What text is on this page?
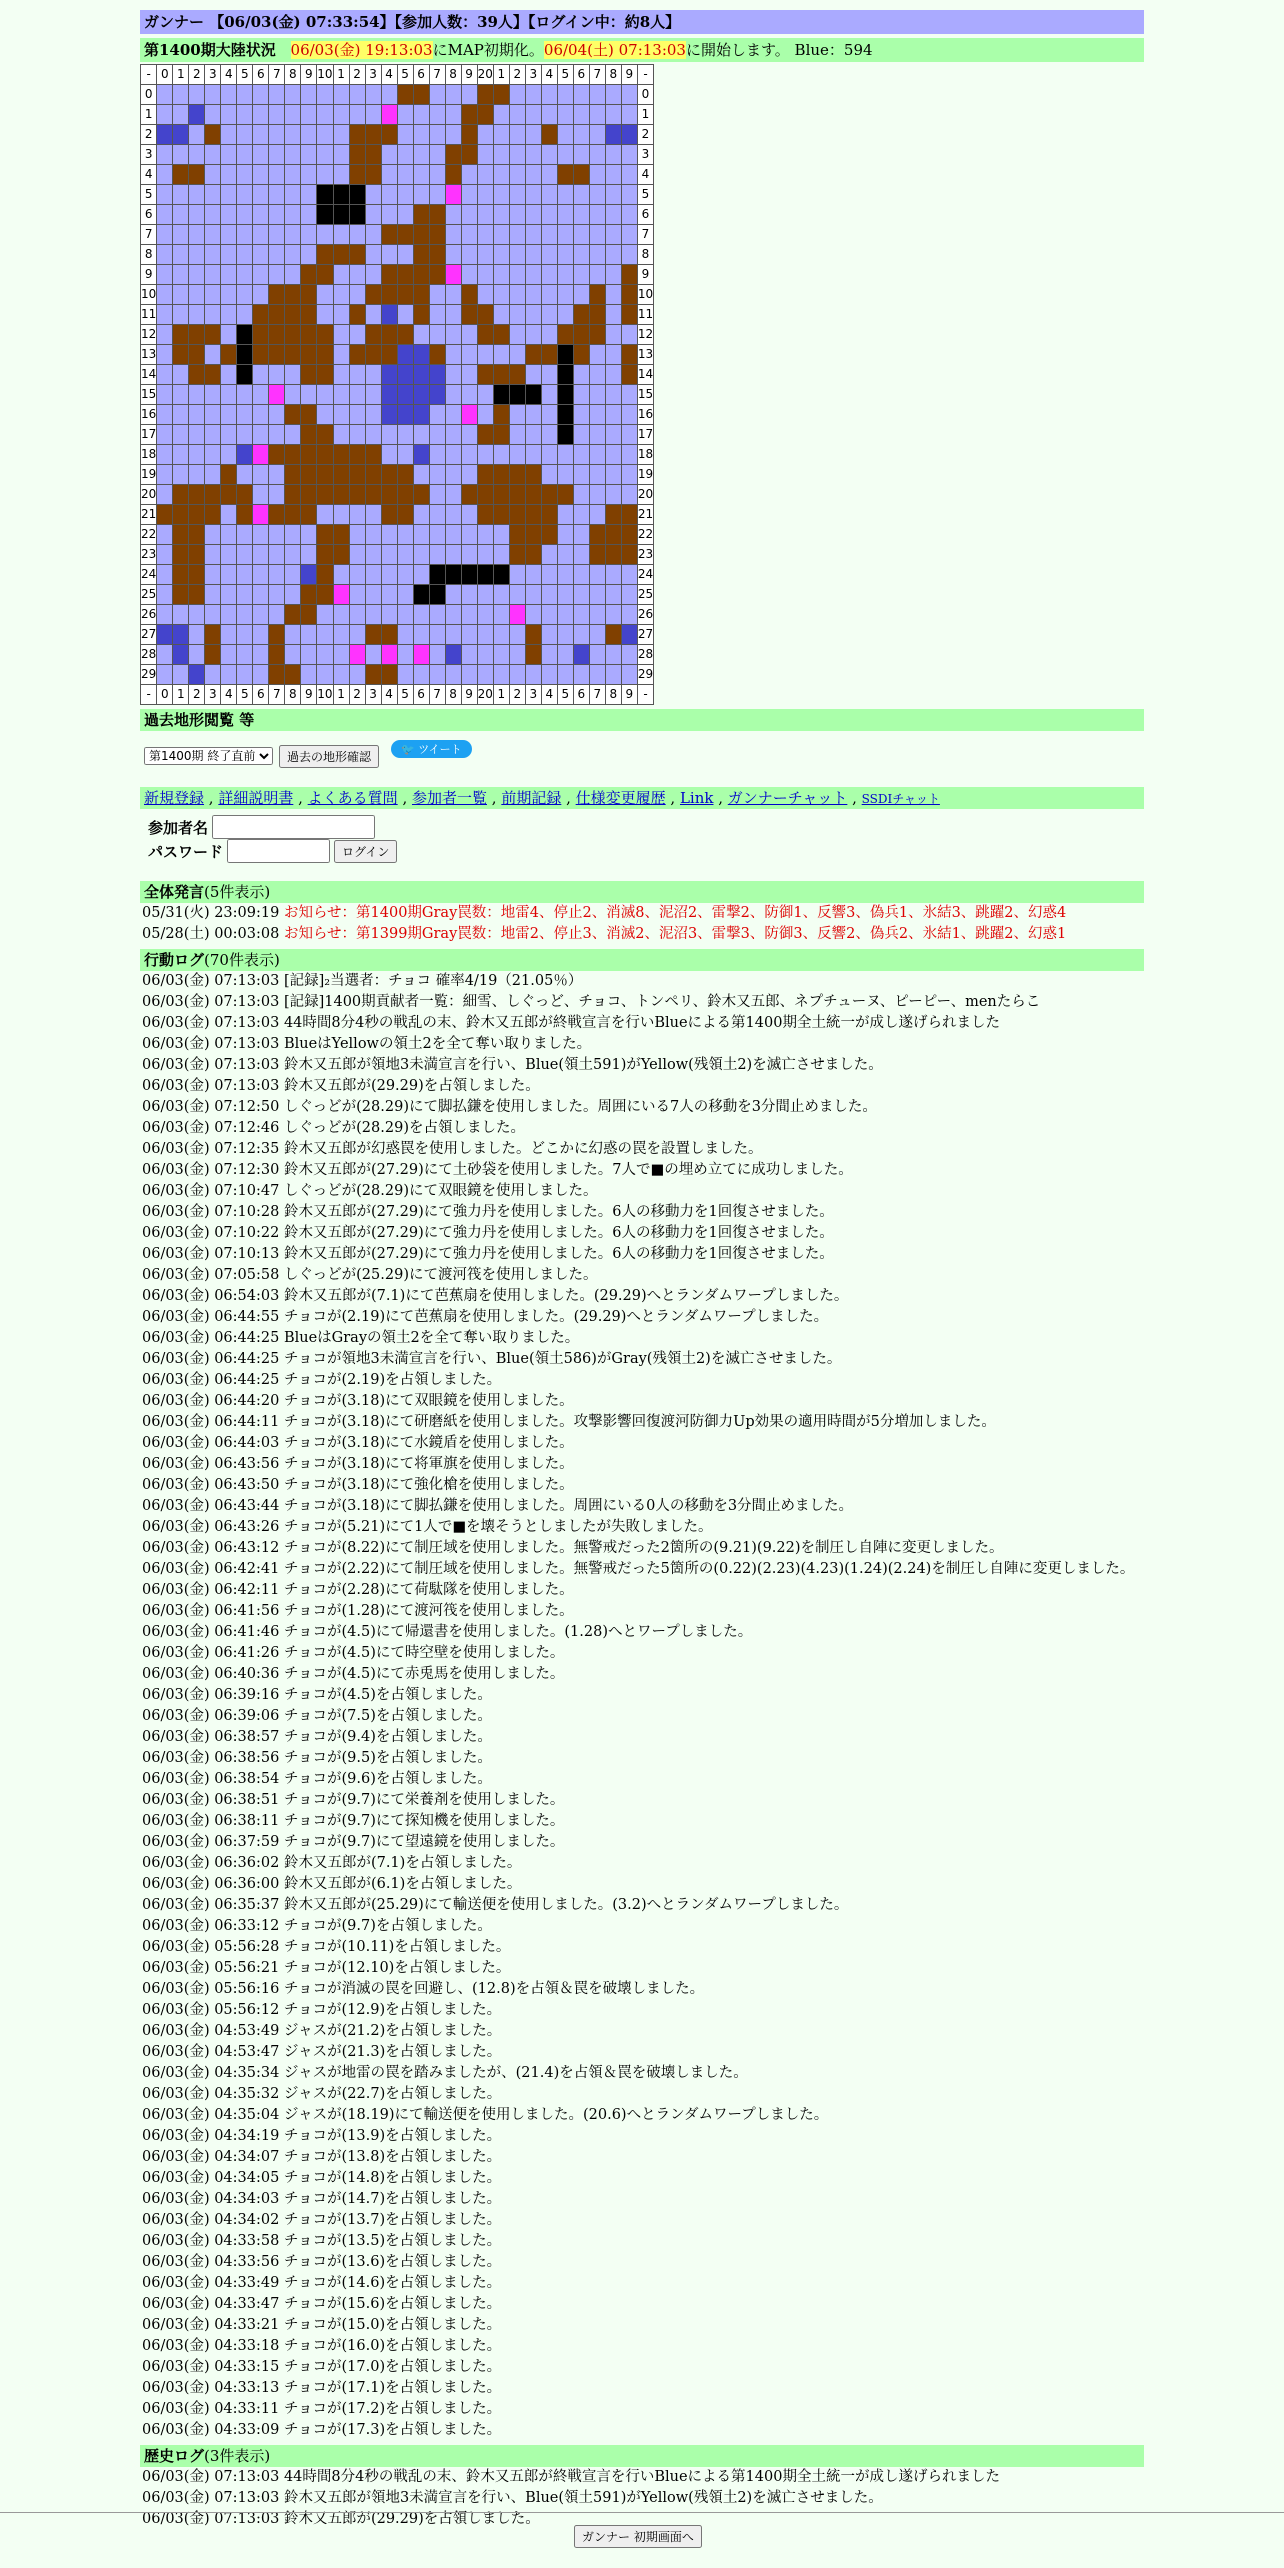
ガンナー 【06/03(金) 07:33:54】【参加人数：39人】【ログイン中：約8人】
第1400期大陸状況 06/03(金) 19:13:03にMAP初期化。06/04(土) 07:13:03に開始します。 Blue：594
-	0	1	2	3	4	5	6	7	8	9	10	1	2	3	4	5	6	7	8	9	20	1	2	3	4	5	6	7	8	9	-
0																															0
1																															1
2																															2
3																															3
4																															4
5																															5
6																															6
7																															7
8																															8
9																															9
10																															10
11																															11
12																															12
13																															13
14																															14
15																															15
16																															16
17																															17
18																															18
19																															19
20																															20
21																															21
22																															22
23																															23
24																															24
25																															25
26																															26
27																															27
28																															28
29																															29
-	0	1	2	3	4	5	6	7	8	9	10	1	2	3	4	5	6	7	8	9	20	1	2	3	4	5	6	7	8	9	-
過去地形閲覧 等
第1400期 終了直前
過去の地形確認	🐦 ツイート
新規登録 , 詳細説明書 , よくある質問 , 参加者一覧 , 前期記録 , 仕様変更履歴 , Link , ガンナーチャット , SSDIチャット
参加者名
パスワード	ログイン
全体発言(5件表示)
05/31(火) 23:09:19 お知らせ：第1400期Gray罠数：地雷4、停止2、消滅8、泥沼2、雷撃2、防御1、反響3、偽兵1、氷結3、跳躍2、幻惑4
05/28(土) 00:03:08 お知らせ：第1399期Gray罠数：地雷2、停止3、消滅2、泥沼3、雷撃3、防御3、反響2、偽兵2、氷結1、跳躍2、幻惑1
行動ログ(70件表示)
06/03(金) 07:13:03 [記録]₂当選者：チョコ 確率4/19（21.05％）
06/03(金) 07:13:03 [記録]1400期貢献者一覧：細雪、しぐっど、チョコ、トンペリ、鈴木又五郎、ネプチューヌ、ピーピー、menたらこ
06/03(金) 07:13:03 44時間8分4秒の戦乱の末、鈴木又五郎が終戦宣言を行いBlueによる第1400期全土統一が成し遂げられました
06/03(金) 07:13:03 BlueはYellowの領土2を全て奪い取りました。
06/03(金) 07:13:03 鈴木又五郎が領地3未満宣言を行い、Blue(領土591)がYellow(残領土2)を滅亡させました。
06/03(金) 07:13:03 鈴木又五郎が(29.29)を占領しました。
06/03(金) 07:12:50 しぐっどが(28.29)にて脚払鎌を使用しました。周囲にいる7人の移動を3分間止めました。
06/03(金) 07:12:46 しぐっどが(28.29)を占領しました。
06/03(金) 07:12:35 鈴木又五郎が幻惑罠を使用しました。どこかに幻惑の罠を設置しました。
06/03(金) 07:12:30 鈴木又五郎が(27.29)にて土砂袋を使用しました。7人で■の埋め立てに成功しました。
06/03(金) 07:10:47 しぐっどが(28.29)にて双眼鏡を使用しました。
06/03(金) 07:10:28 鈴木又五郎が(27.29)にて強力丹を使用しました。6人の移動力を1回復させました。
06/03(金) 07:10:22 鈴木又五郎が(27.29)にて強力丹を使用しました。6人の移動力を1回復させました。
06/03(金) 07:10:13 鈴木又五郎が(27.29)にて強力丹を使用しました。6人の移動力を1回復させました。
06/03(金) 07:05:58 しぐっどが(25.29)にて渡河筏を使用しました。
06/03(金) 06:54:03 鈴木又五郎が(7.1)にて芭蕉扇を使用しました。(29.29)へとランダムワープしました。
06/03(金) 06:44:55 チョコが(2.19)にて芭蕉扇を使用しました。(29.29)へとランダムワープしました。
06/03(金) 06:44:25 BlueはGrayの領土2を全て奪い取りました。
06/03(金) 06:44:25 チョコが領地3未満宣言を行い、Blue(領土586)がGray(残領土2)を滅亡させました。
06/03(金) 06:44:25 チョコが(2.19)を占領しました。
06/03(金) 06:44:20 チョコが(3.18)にて双眼鏡を使用しました。
06/03(金) 06:44:11 チョコが(3.18)にて研磨紙を使用しました。攻撃影響回復渡河防御力Up効果の適用時間が5分増加しました。
06/03(金) 06:44:03 チョコが(3.18)にて水鏡盾を使用しました。
06/03(金) 06:43:56 チョコが(3.18)にて将軍旗を使用しました。
06/03(金) 06:43:50 チョコが(3.18)にて強化槍を使用しました。
06/03(金) 06:43:44 チョコが(3.18)にて脚払鎌を使用しました。周囲にいる0人の移動を3分間止めました。
06/03(金) 06:43:26 チョコが(5.21)にて1人で■を壊そうとしましたが失敗しました。
06/03(金) 06:43:12 チョコが(8.22)にて制圧域を使用しました。無警戒だった2箇所の(9.21)(9.22)を制圧し自陣に変更しました。
06/03(金) 06:42:41 チョコが(2.22)にて制圧域を使用しました。無警戒だった5箇所の(0.22)(2.23)(4.23)(1.24)(2.24)を制圧し自陣に変更しました。
06/03(金) 06:42:11 チョコが(2.28)にて荷駄隊を使用しました。
06/03(金) 06:41:56 チョコが(1.28)にて渡河筏を使用しました。
06/03(金) 06:41:46 チョコが(4.5)にて帰還書を使用しました。(1.28)へとワープしました。
06/03(金) 06:41:26 チョコが(4.5)にて時空壁を使用しました。
06/03(金) 06:40:36 チョコが(4.5)にて赤兎馬を使用しました。
06/03(金) 06:39:16 チョコが(4.5)を占領しました。
06/03(金) 06:39:06 チョコが(7.5)を占領しました。
06/03(金) 06:38:57 チョコが(9.4)を占領しました。
06/03(金) 06:38:56 チョコが(9.5)を占領しました。
06/03(金) 06:38:54 チョコが(9.6)を占領しました。
06/03(金) 06:38:51 チョコが(9.7)にて栄養剤を使用しました。
06/03(金) 06:38:11 チョコが(9.7)にて探知機を使用しました。
06/03(金) 06:37:59 チョコが(9.7)にて望遠鏡を使用しました。
06/03(金) 06:36:02 鈴木又五郎が(7.1)を占領しました。
06/03(金) 06:36:00 鈴木又五郎が(6.1)を占領しました。
06/03(金) 06:35:37 鈴木又五郎が(25.29)にて輸送便を使用しました。(3.2)へとランダムワープしました。
06/03(金) 06:33:12 チョコが(9.7)を占領しました。
06/03(金) 05:56:28 チョコが(10.11)を占領しました。
06/03(金) 05:56:21 チョコが(12.10)を占領しました。
06/03(金) 05:56:16 チョコが消滅の罠を回避し、(12.8)を占領＆罠を破壊しました。
06/03(金) 05:56:12 チョコが(12.9)を占領しました。
06/03(金) 04:53:49 ジャスが(21.2)を占領しました。
06/03(金) 04:53:47 ジャスが(21.3)を占領しました。
06/03(金) 04:35:34 ジャスが地雷の罠を踏みましたが、(21.4)を占領＆罠を破壊しました。
06/03(金) 04:35:32 ジャスが(22.7)を占領しました。
06/03(金) 04:35:04 ジャスが(18.19)にて輸送便を使用しました。(20.6)へとランダムワープしました。
06/03(金) 04:34:19 チョコが(13.9)を占領しました。
06/03(金) 04:34:07 チョコが(13.8)を占領しました。
06/03(金) 04:34:05 チョコが(14.8)を占領しました。
06/03(金) 04:34:03 チョコが(14.7)を占領しました。
06/03(金) 04:34:02 チョコが(13.7)を占領しました。
06/03(金) 04:33:58 チョコが(13.5)を占領しました。
06/03(金) 04:33:56 チョコが(13.6)を占領しました。
06/03(金) 04:33:49 チョコが(14.6)を占領しました。
06/03(金) 04:33:47 チョコが(15.6)を占領しました。
06/03(金) 04:33:21 チョコが(15.0)を占領しました。
06/03(金) 04:33:18 チョコが(16.0)を占領しました。
06/03(金) 04:33:15 チョコが(17.0)を占領しました。
06/03(金) 04:33:13 チョコが(17.1)を占領しました。
06/03(金) 04:33:11 チョコが(17.2)を占領しました。
06/03(金) 04:33:09 チョコが(17.3)を占領しました。
歴史ログ(3件表示)
06/03(金) 07:13:03 44時間8分4秒の戦乱の末、鈴木又五郎が終戦宣言を行いBlueによる第1400期全土統一が成し遂げられました
06/03(金) 07:13:03 鈴木又五郎が領地3未満宣言を行い、Blue(領土591)がYellow(残領土2)を滅亡させました。
06/03(金) 07:13:03 鈴木又五郎が(29.29)を占領しました。
ガンナー 初期画面へ
